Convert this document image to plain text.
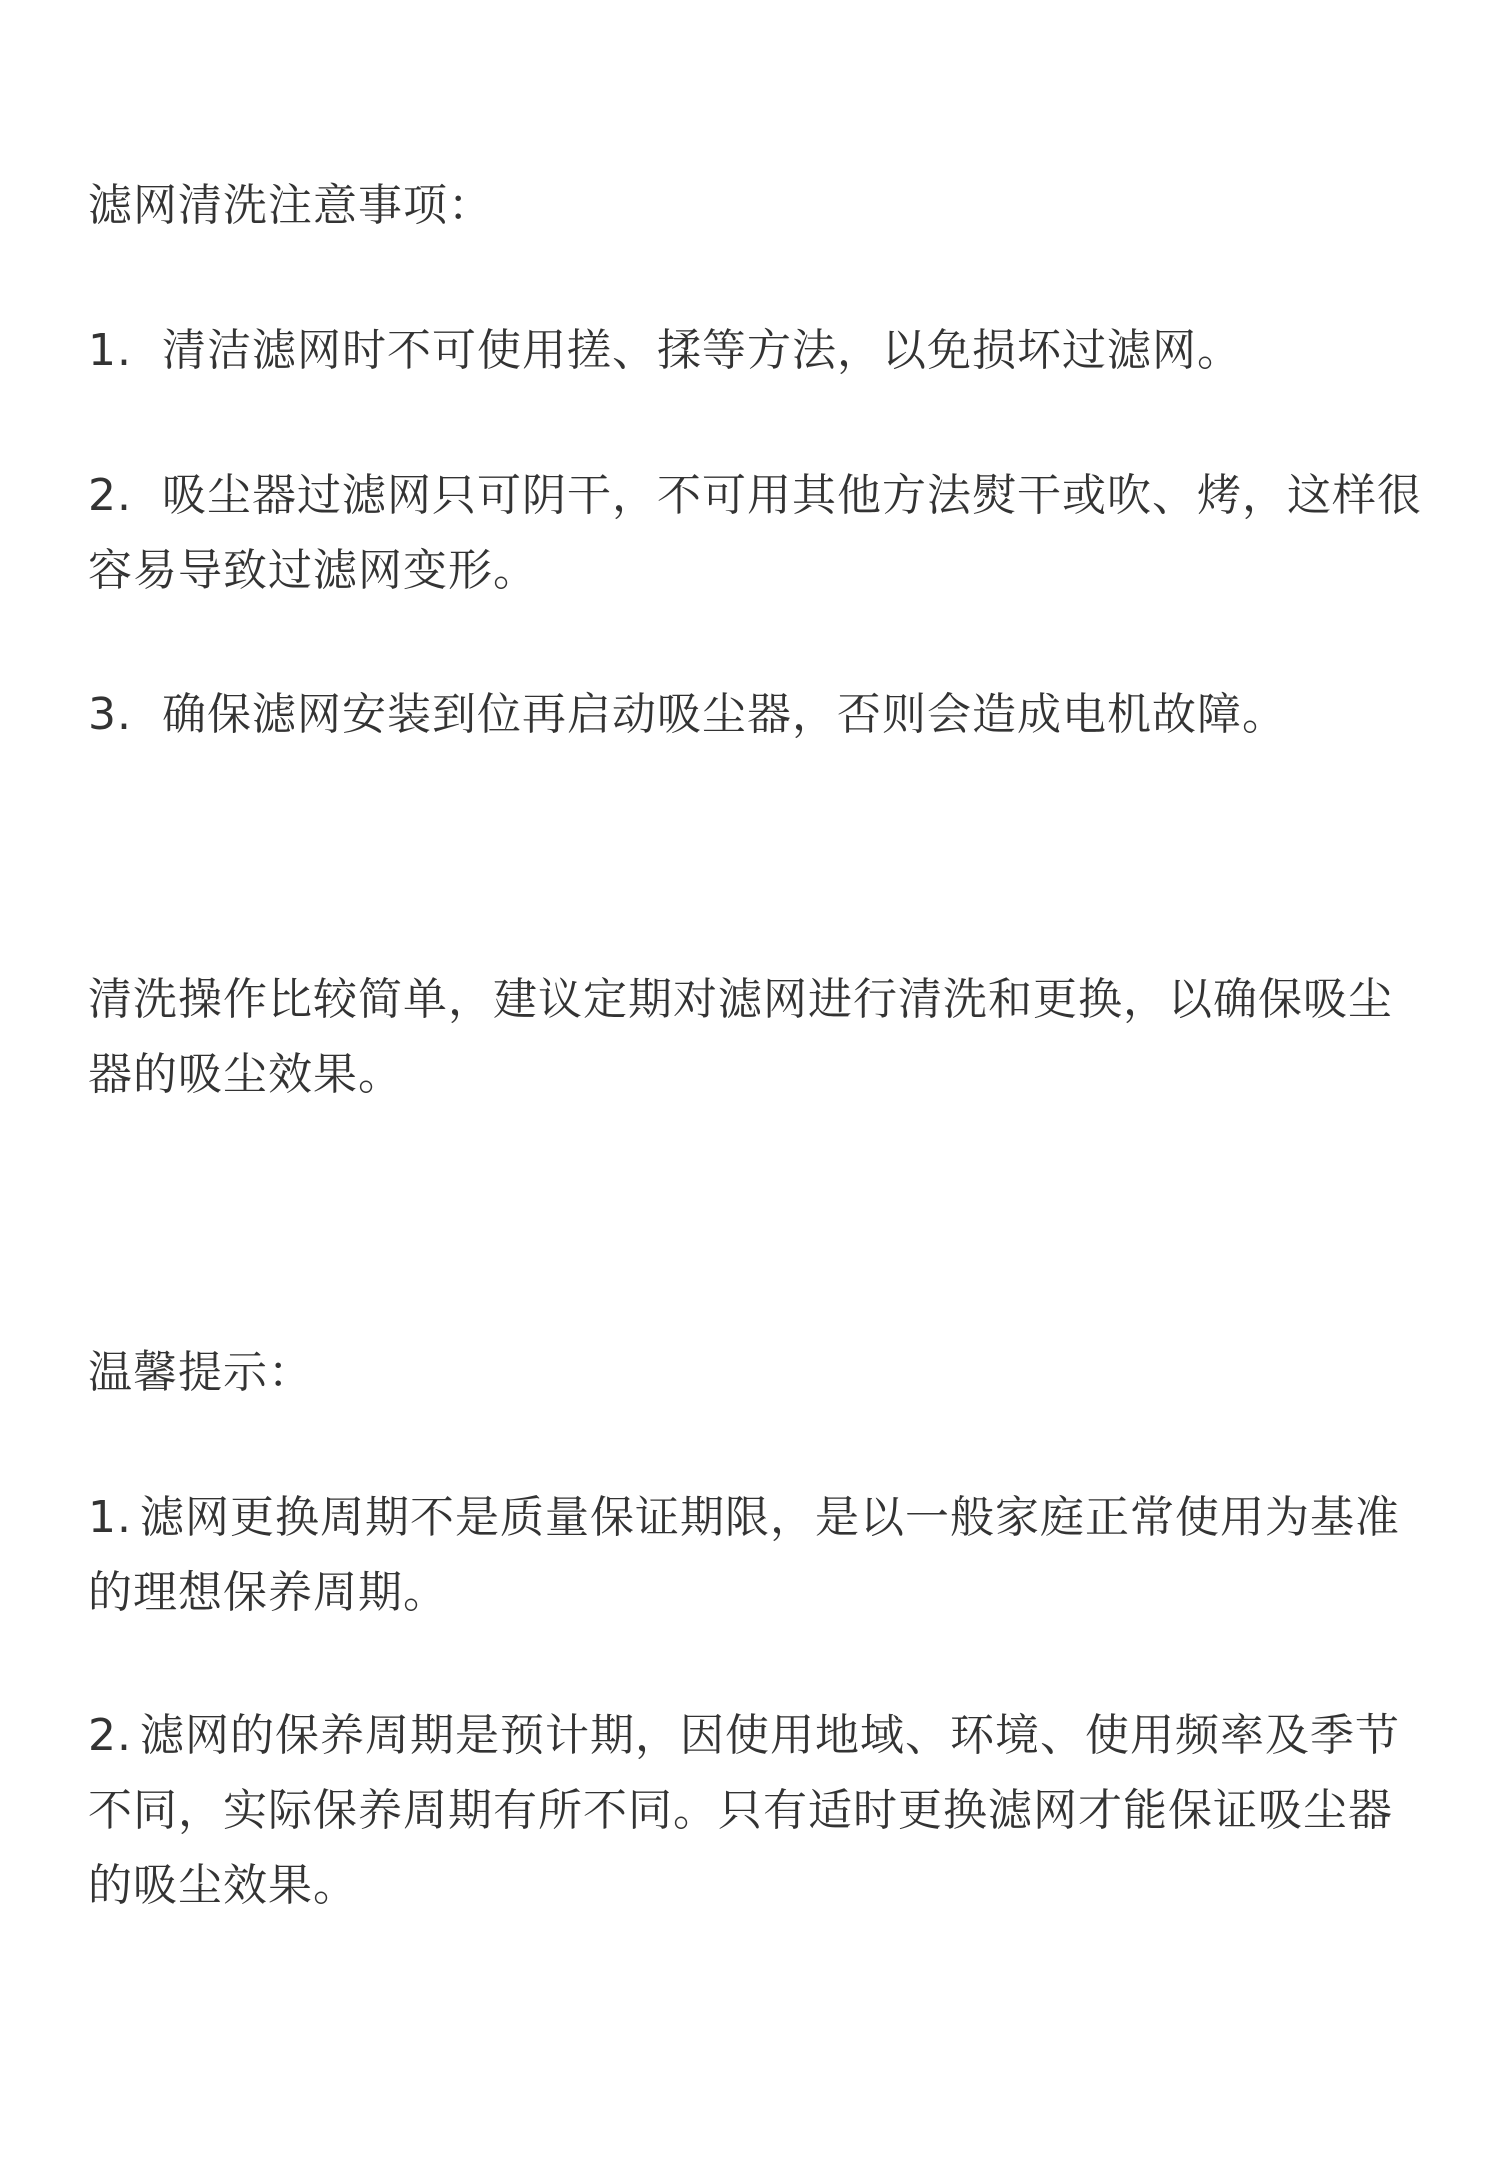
滤网清洗注意事项：

1. 清洁滤网时不可使用搓、揉等方法，以免损坏过滤网。

2. 吸尘器过滤网只可阴干，不可用其他方法熨干或吹、烤，这样很容易导致过滤网变形。

3. 确保滤网安装到位再启动吸尘器，否则会造成电机故障。

清洗操作比较简单，建议定期对滤网进行清洗和更换，以确保吸尘器的吸尘效果。

温馨提示：

1. 滤网更换周期不是质量保证期限，是以一般家庭正常使用为基准的理想保养周期。

2. 滤网的保养周期是预计期，因使用地域、环境、使用频率及季节不同，实际保养周期有所不同。只有适时更换滤网才能保证吸尘器的吸尘效果。
